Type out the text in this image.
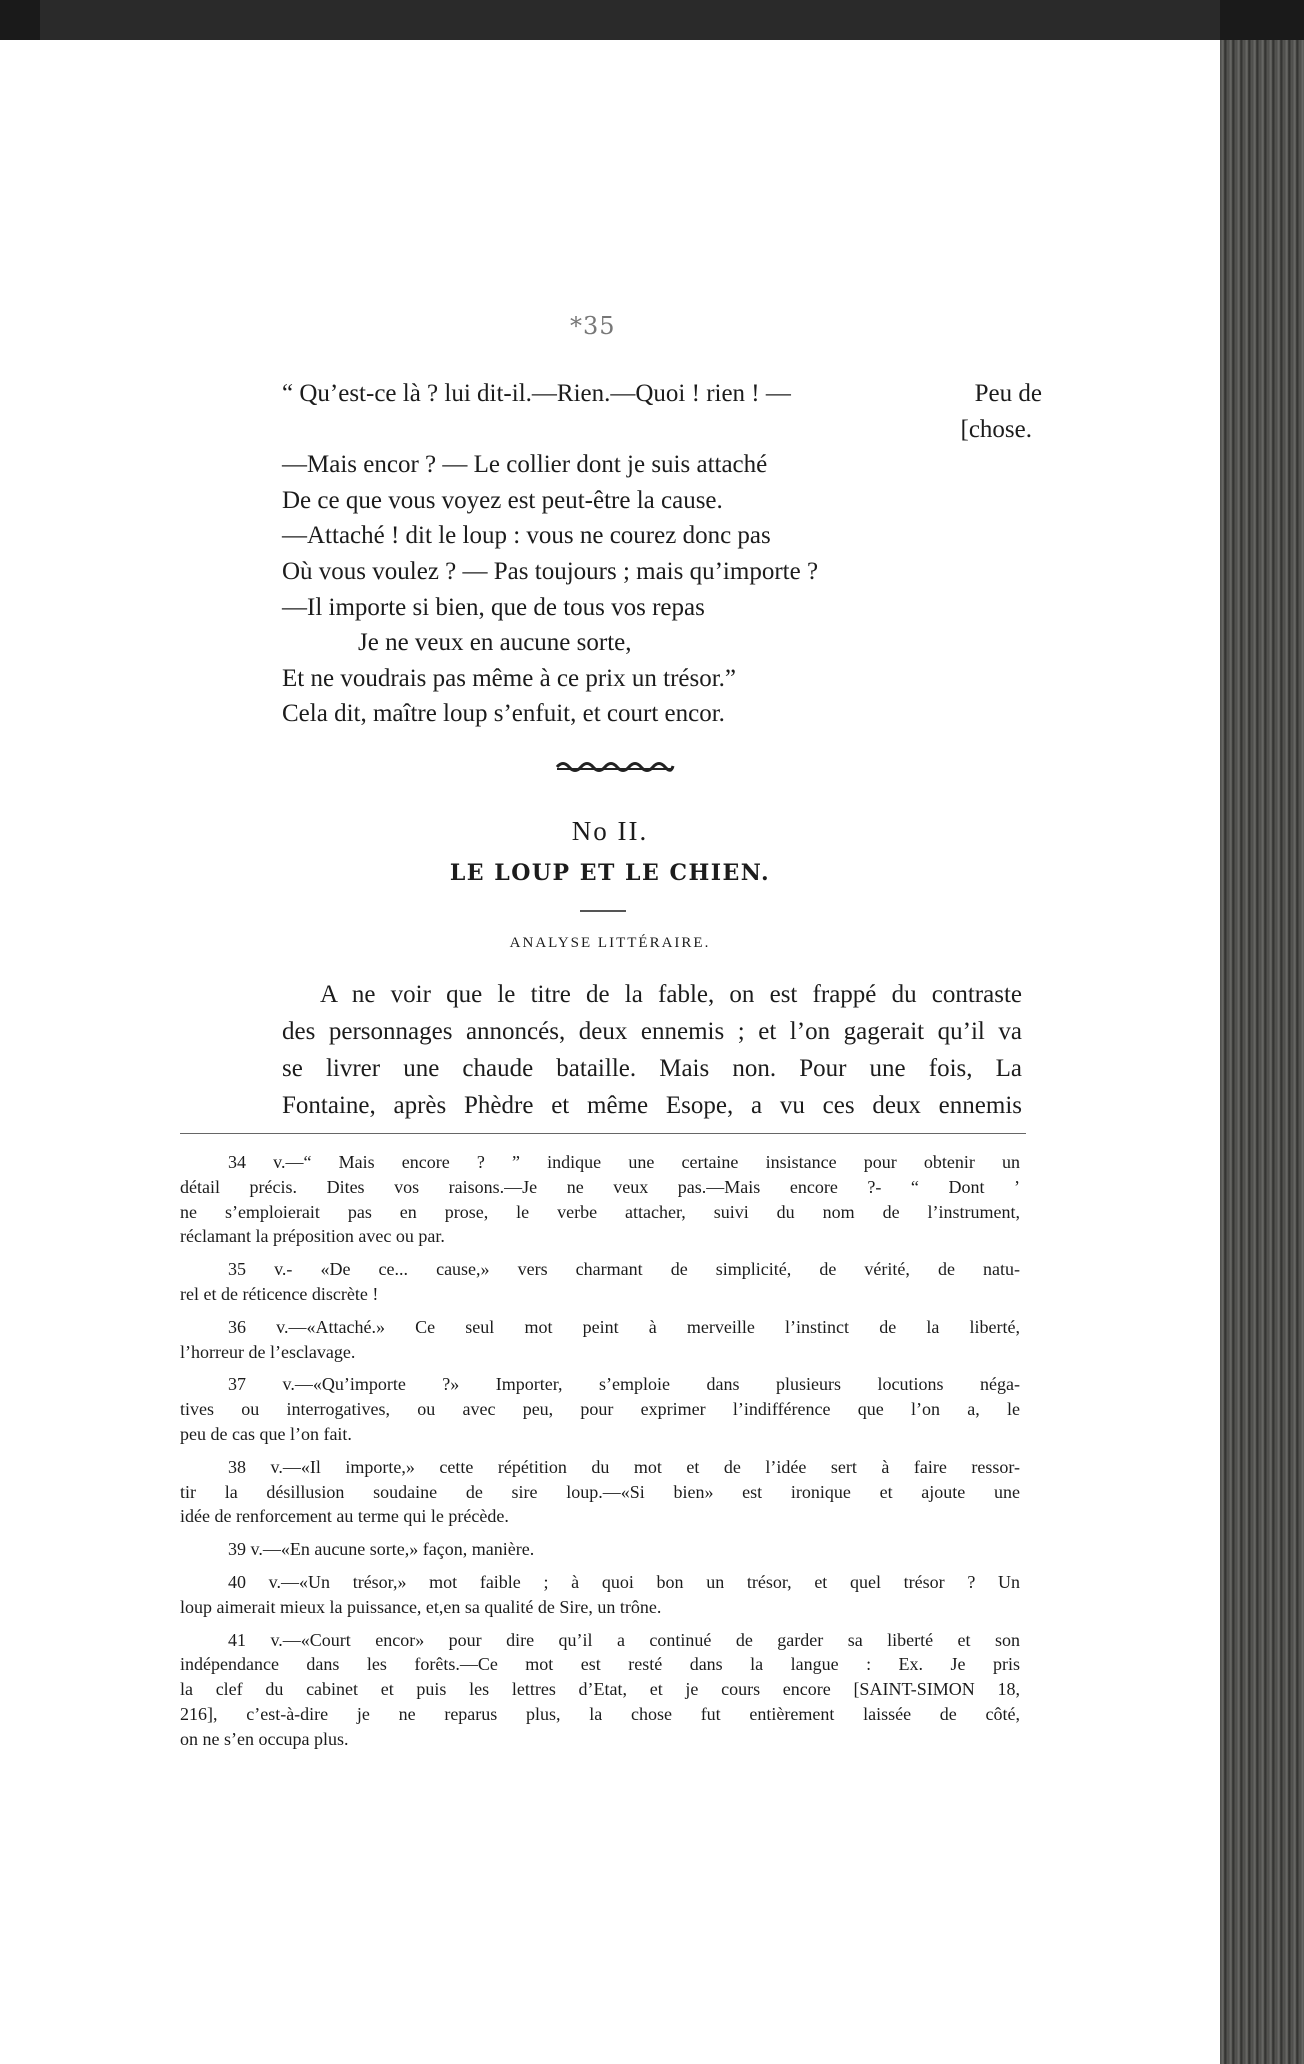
*35
“ Qu’est-ce là ? lui dit-il.—Rien.—Quoi ! rien ! —	Peu de
[chose.
—Mais encor ? — Le collier dont je suis attaché
De ce que vous voyez est peut-être la cause.
—Attaché ! dit le loup : vous ne courez donc pas
Où vous voulez ? — Pas toujours ; mais qu’importe ?
—Il importe si bien, que de tous vos repas
Je ne veux en aucune sorte,
Et ne voudrais pas même à ce prix un trésor.”
Cela dit, maître loup s’enfuit, et court encor.
No II.
LE LOUP ET LE CHIEN.
ANALYSE LITTÉRAIRE.
A ne voir que le titre de la fable, on est frappé du contraste
des personnages annoncés, deux ennemis ; et l’on gagerait qu’il va
se livrer une chaude bataille. Mais non. Pour une fois, La
Fontaine, après Phèdre et même Esope, a vu ces deux ennemis
34 v.—“ Mais encore ? ” indique une certaine insistance pour obtenir un
détail précis. Dites vos raisons.—Je ne veux pas.—Mais encore ?- “ Dont ’
ne s’emploierait pas en prose, le verbe attacher, suivi du nom de l’instrument,
réclamant la préposition avec ou par.
35 v.- «De ce... cause,» vers charmant de simplicité, de vérité, de natu-
rel et de réticence discrète !
36 v.—«Attaché.» Ce seul mot peint à merveille l’instinct de la liberté,
l’horreur de l’esclavage.
37 v.—«Qu’importe ?» Importer, s’emploie dans plusieurs locutions néga-
tives ou interrogatives, ou avec peu, pour exprimer l’indifférence que l’on a, le
peu de cas que l’on fait.
38 v.—«Il importe,» cette répétition du mot et de l’idée sert à faire ressor-
tir la désillusion soudaine de sire loup.—«Si bien» est ironique et ajoute une
idée de renforcement au terme qui le précède.
39 v.—«En aucune sorte,» façon, manière.
40 v.—«Un trésor,» mot faible ; à quoi bon un trésor, et quel trésor ? Un
loup aimerait mieux la puissance, et,en sa qualité de Sire, un trône.
41 v.—«Court encor» pour dire qu’il a continué de garder sa liberté et son
indépendance dans les forêts.—Ce mot est resté dans la langue : Ex. Je pris
la clef du cabinet et puis les lettres d’Etat, et je cours encore [SAINT-SIMON 18,
216], c’est-à-dire je ne reparus plus, la chose fut entièrement laissée de côté,
on ne s’en occupa plus.
